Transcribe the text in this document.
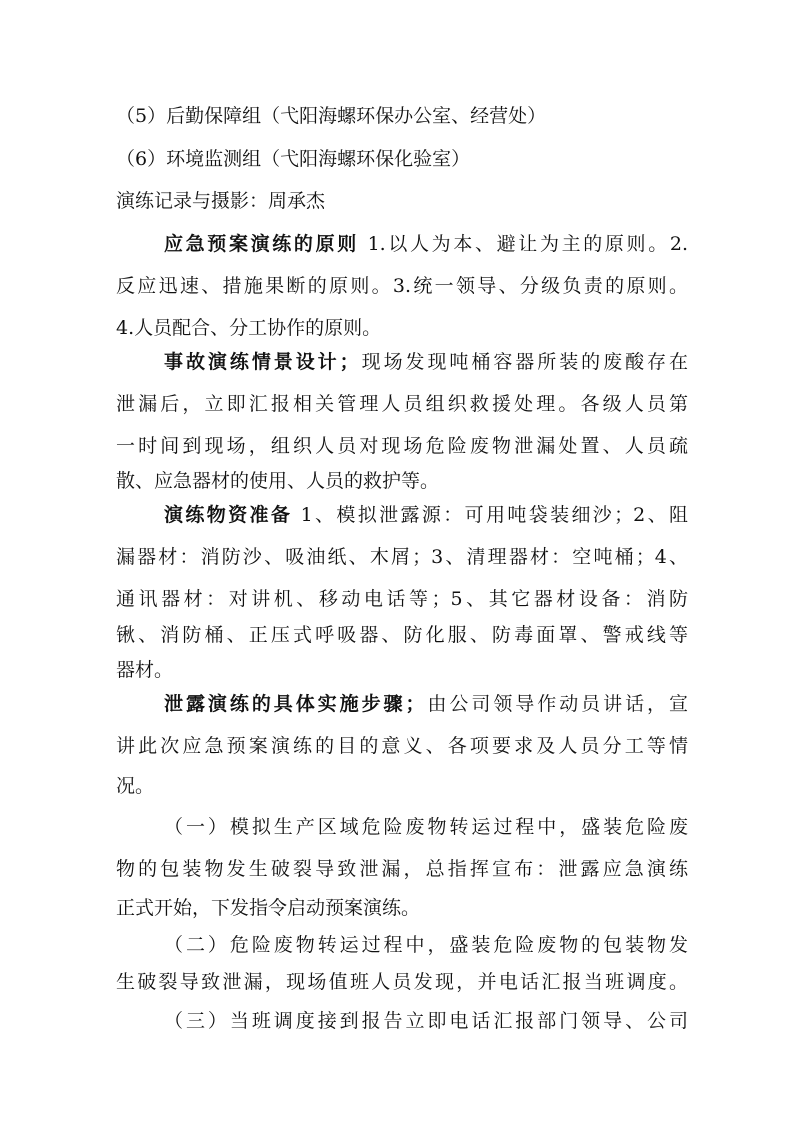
（5）后勤保障组（弋阳海螺环保办公室、经营处）
（6）环境监测组（弋阳海螺环保化验室）
演练记录与摄影：周承杰
应急预案演练的原则 1.以人为本、避让为主的原则。2.
反应迅速、措施果断的原则。3.统一领导、分级负责的原则。
4.人员配合、分工协作的原则。
事故演练情景设计；现场发现吨桶容器所装的废酸存在
泄漏后，立即汇报相关管理人员组织救援处理。各级人员第
一时间到现场，组织人员对现场危险废物泄漏处置、人员疏
散、应急器材的使用、人员的救护等。
演练物资准备 1、模拟泄露源：可用吨袋装细沙；2、阻
漏器材：消防沙、吸油纸、木屑；3、清理器材：空吨桶；4、
通讯器材：对讲机、移动电话等；5、其它器材设备：消防
锹、消防桶、正压式呼吸器、防化服、防毒面罩、警戒线等
器材。
泄露演练的具体实施步骤；由公司领导作动员讲话，宣
讲此次应急预案演练的目的意义、各项要求及人员分工等情
况。
（一）模拟生产区域危险废物转运过程中，盛装危险废
物的包装物发生破裂导致泄漏，总指挥宣布：泄露应急演练
正式开始，下发指令启动预案演练。
（二）危险废物转运过程中，盛装危险废物的包装物发
生破裂导致泄漏，现场值班人员发现，并电话汇报当班调度。
（三）当班调度接到报告立即电话汇报部门领导、公司
